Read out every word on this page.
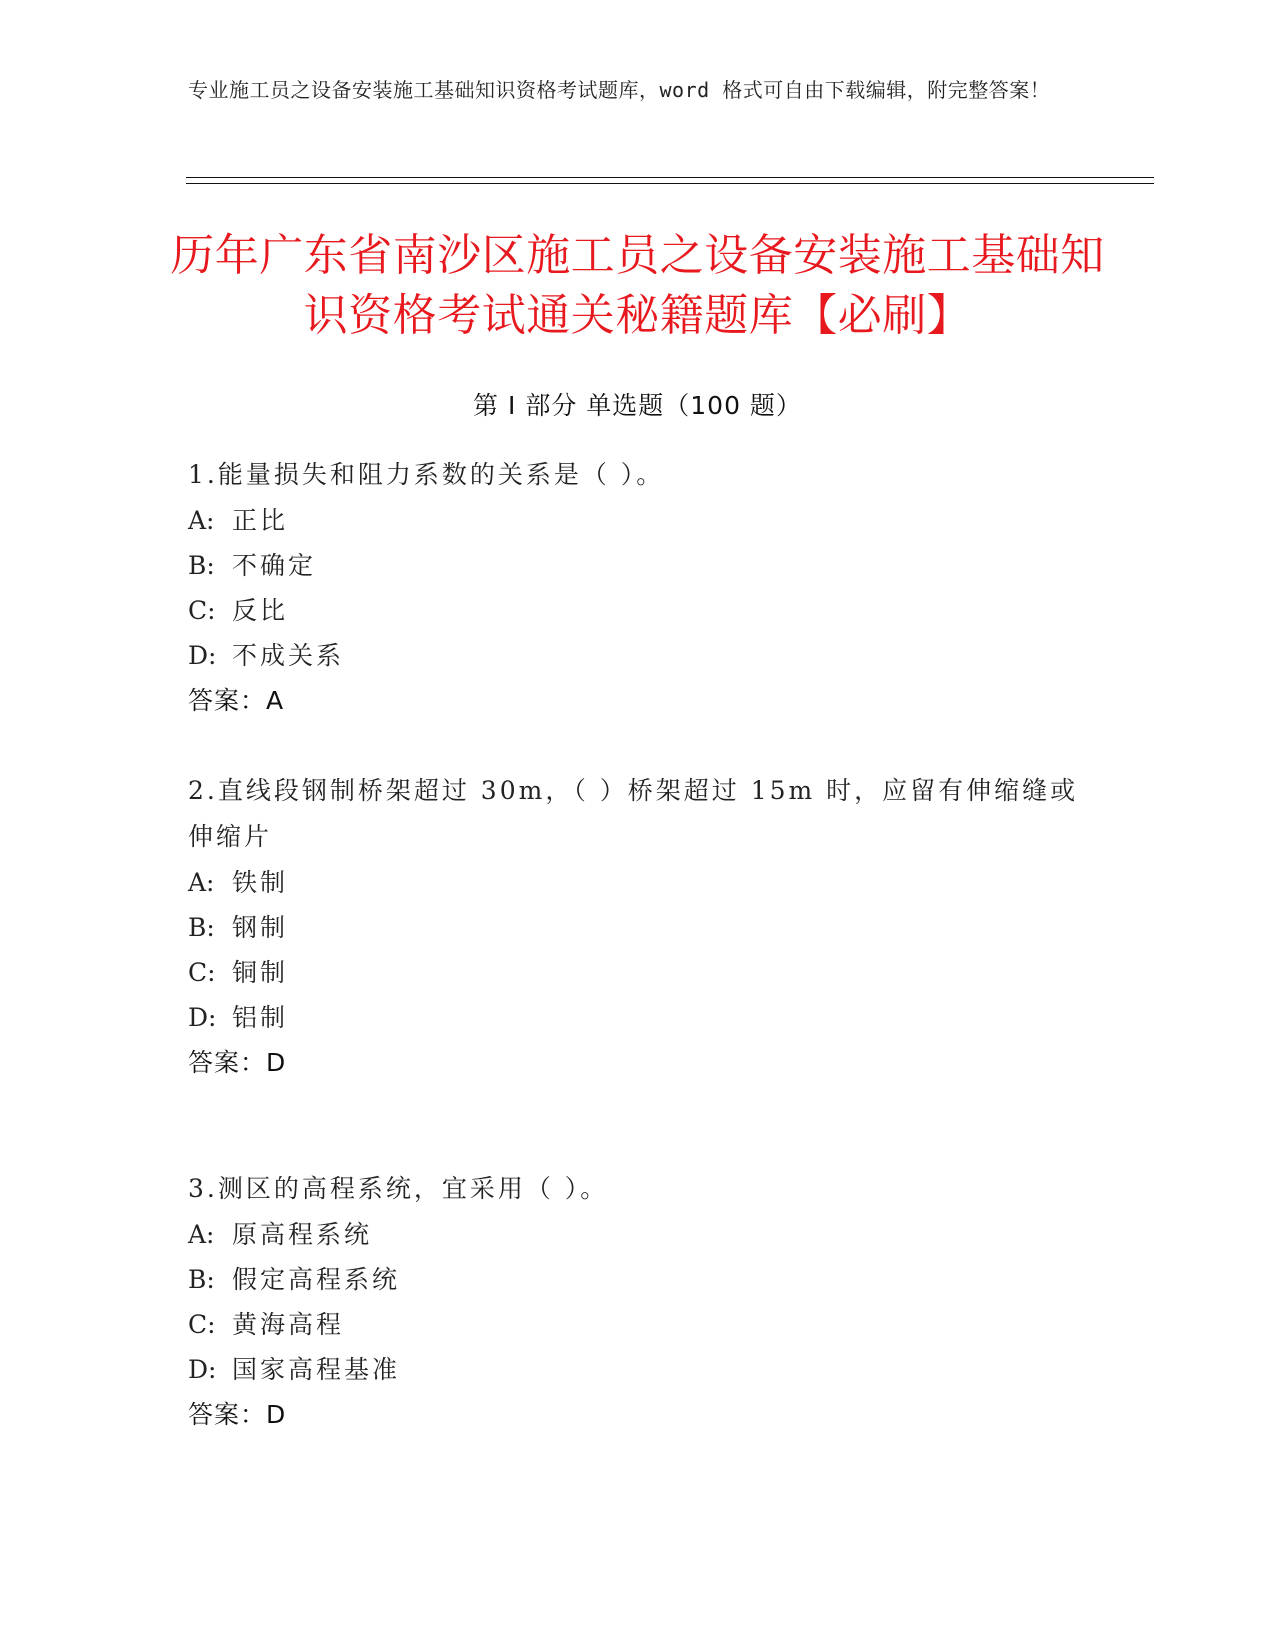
专业施工员之设备安装施工基础知识资格考试题库，word 格式可自由下载编辑，附完整答案！
历年广东省南沙区施工员之设备安装施工基础知识资格考试通关秘籍题库【必刷】
第 I 部分 单选题（100 题）
1.能量损失和阻力系数的关系是（ ）。
A: 正比
B: 不确定
C: 反比
D: 不成关系
答案：A
2.直线段钢制桥架超过 30m，（ ）桥架超过 15m 时，应留有伸缩缝或伸缩片
A: 铁制
B: 钢制
C: 铜制
D: 铝制
答案：D
3.测区的高程系统，宜采用（ ）。
A: 原高程系统
B: 假定高程系统
C: 黄海高程
D: 国家高程基准
答案：D
